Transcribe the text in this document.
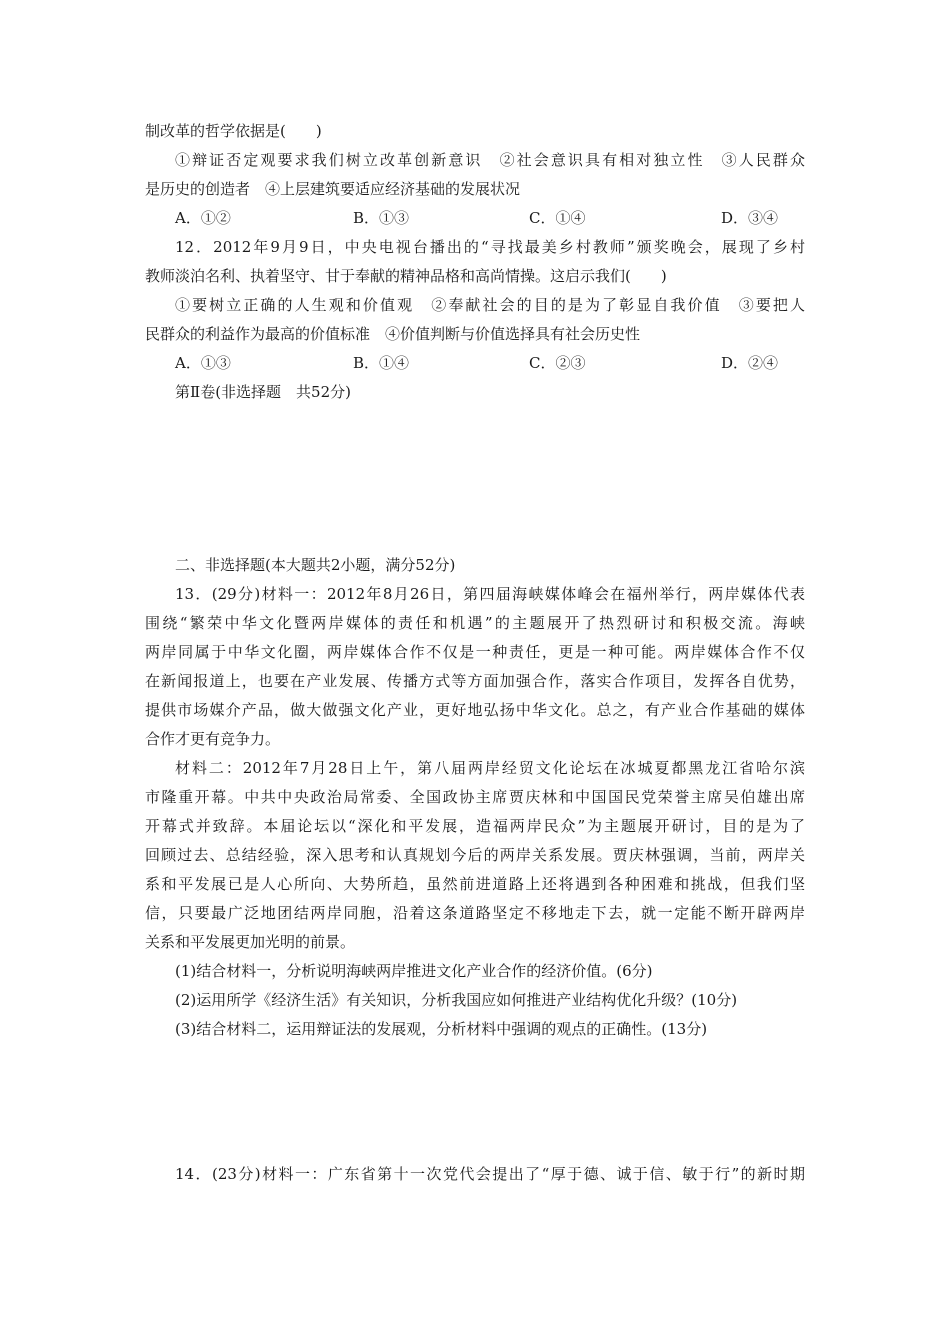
制改革的哲学依据是(　　)
①辩证否定观要求我们树立改革创新意识　②社会意识具有相对独立性　③人民群众
是历史的创造者　④上层建筑要适应经济基础的发展状况
A．①②	B．①③	C．①④	D．③④
12．2012年9月9日，中央电视台播出的“寻找最美乡村教师”颁奖晚会，展现了乡村
教师淡泊名利、执着坚守、甘于奉献的精神品格和高尚情操。这启示我们(　　)
①要树立正确的人生观和价值观　②奉献社会的目的是为了彰显自我价值　③要把人
民群众的利益作为最高的价值标准　④价值判断与价值选择具有社会历史性
A．①③	B．①④	C．②③	D．②④
第Ⅱ卷(非选择题　共52分)
二、非选择题(本大题共2小题，满分52分)
13．(29分)材料一：2012年8月26日，第四届海峡媒体峰会在福州举行，两岸媒体代表
围绕“繁荣中华文化暨两岸媒体的责任和机遇”的主题展开了热烈研讨和积极交流。海峡
两岸同属于中华文化圈，两岸媒体合作不仅是一种责任，更是一种可能。两岸媒体合作不仅
在新闻报道上，也要在产业发展、传播方式等方面加强合作，落实合作项目，发挥各自优势，
提供市场媒介产品，做大做强文化产业，更好地弘扬中华文化。总之，有产业合作基础的媒体
合作才更有竞争力。
材料二：2012年7月28日上午，第八届两岸经贸文化论坛在冰城夏都黑龙江省哈尔滨
市隆重开幕。中共中央政治局常委、全国政协主席贾庆林和中国国民党荣誉主席吴伯雄出席
开幕式并致辞。本届论坛以“深化和平发展，造福两岸民众”为主题展开研讨，目的是为了
回顾过去、总结经验，深入思考和认真规划今后的两岸关系发展。贾庆林强调，当前，两岸关
系和平发展已是人心所向、大势所趋，虽然前进道路上还将遇到各种困难和挑战，但我们坚
信，只要最广泛地团结两岸同胞，沿着这条道路坚定不移地走下去，就一定能不断开辟两岸
关系和平发展更加光明的前景。
(1)结合材料一，分析说明海峡两岸推进文化产业合作的经济价值。(6分)
(2)运用所学《经济生活》有关知识，分析我国应如何推进产业结构优化升级？(10分)
(3)结合材料二，运用辩证法的发展观，分析材料中强调的观点的正确性。(13分)
14．(23分)材料一：广东省第十一次党代会提出了“厚于德、诚于信、敏于行”的新时期
